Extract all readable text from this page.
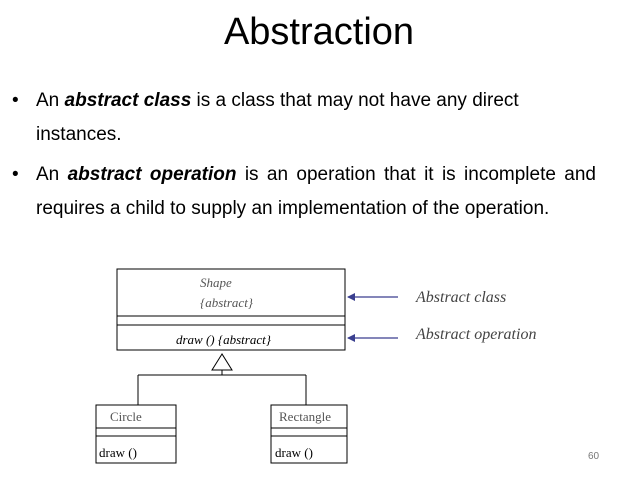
Abstraction
• An abstract class is a class that may not have any direct instances.
• An abstract operation is an operation that it is incomplete and requires a child to supply an implementation of the operation.
Shape
{abstract}
draw () {abstract}
Circle
draw ()
Rectangle
draw ()
Abstract class
Abstract operation
60
